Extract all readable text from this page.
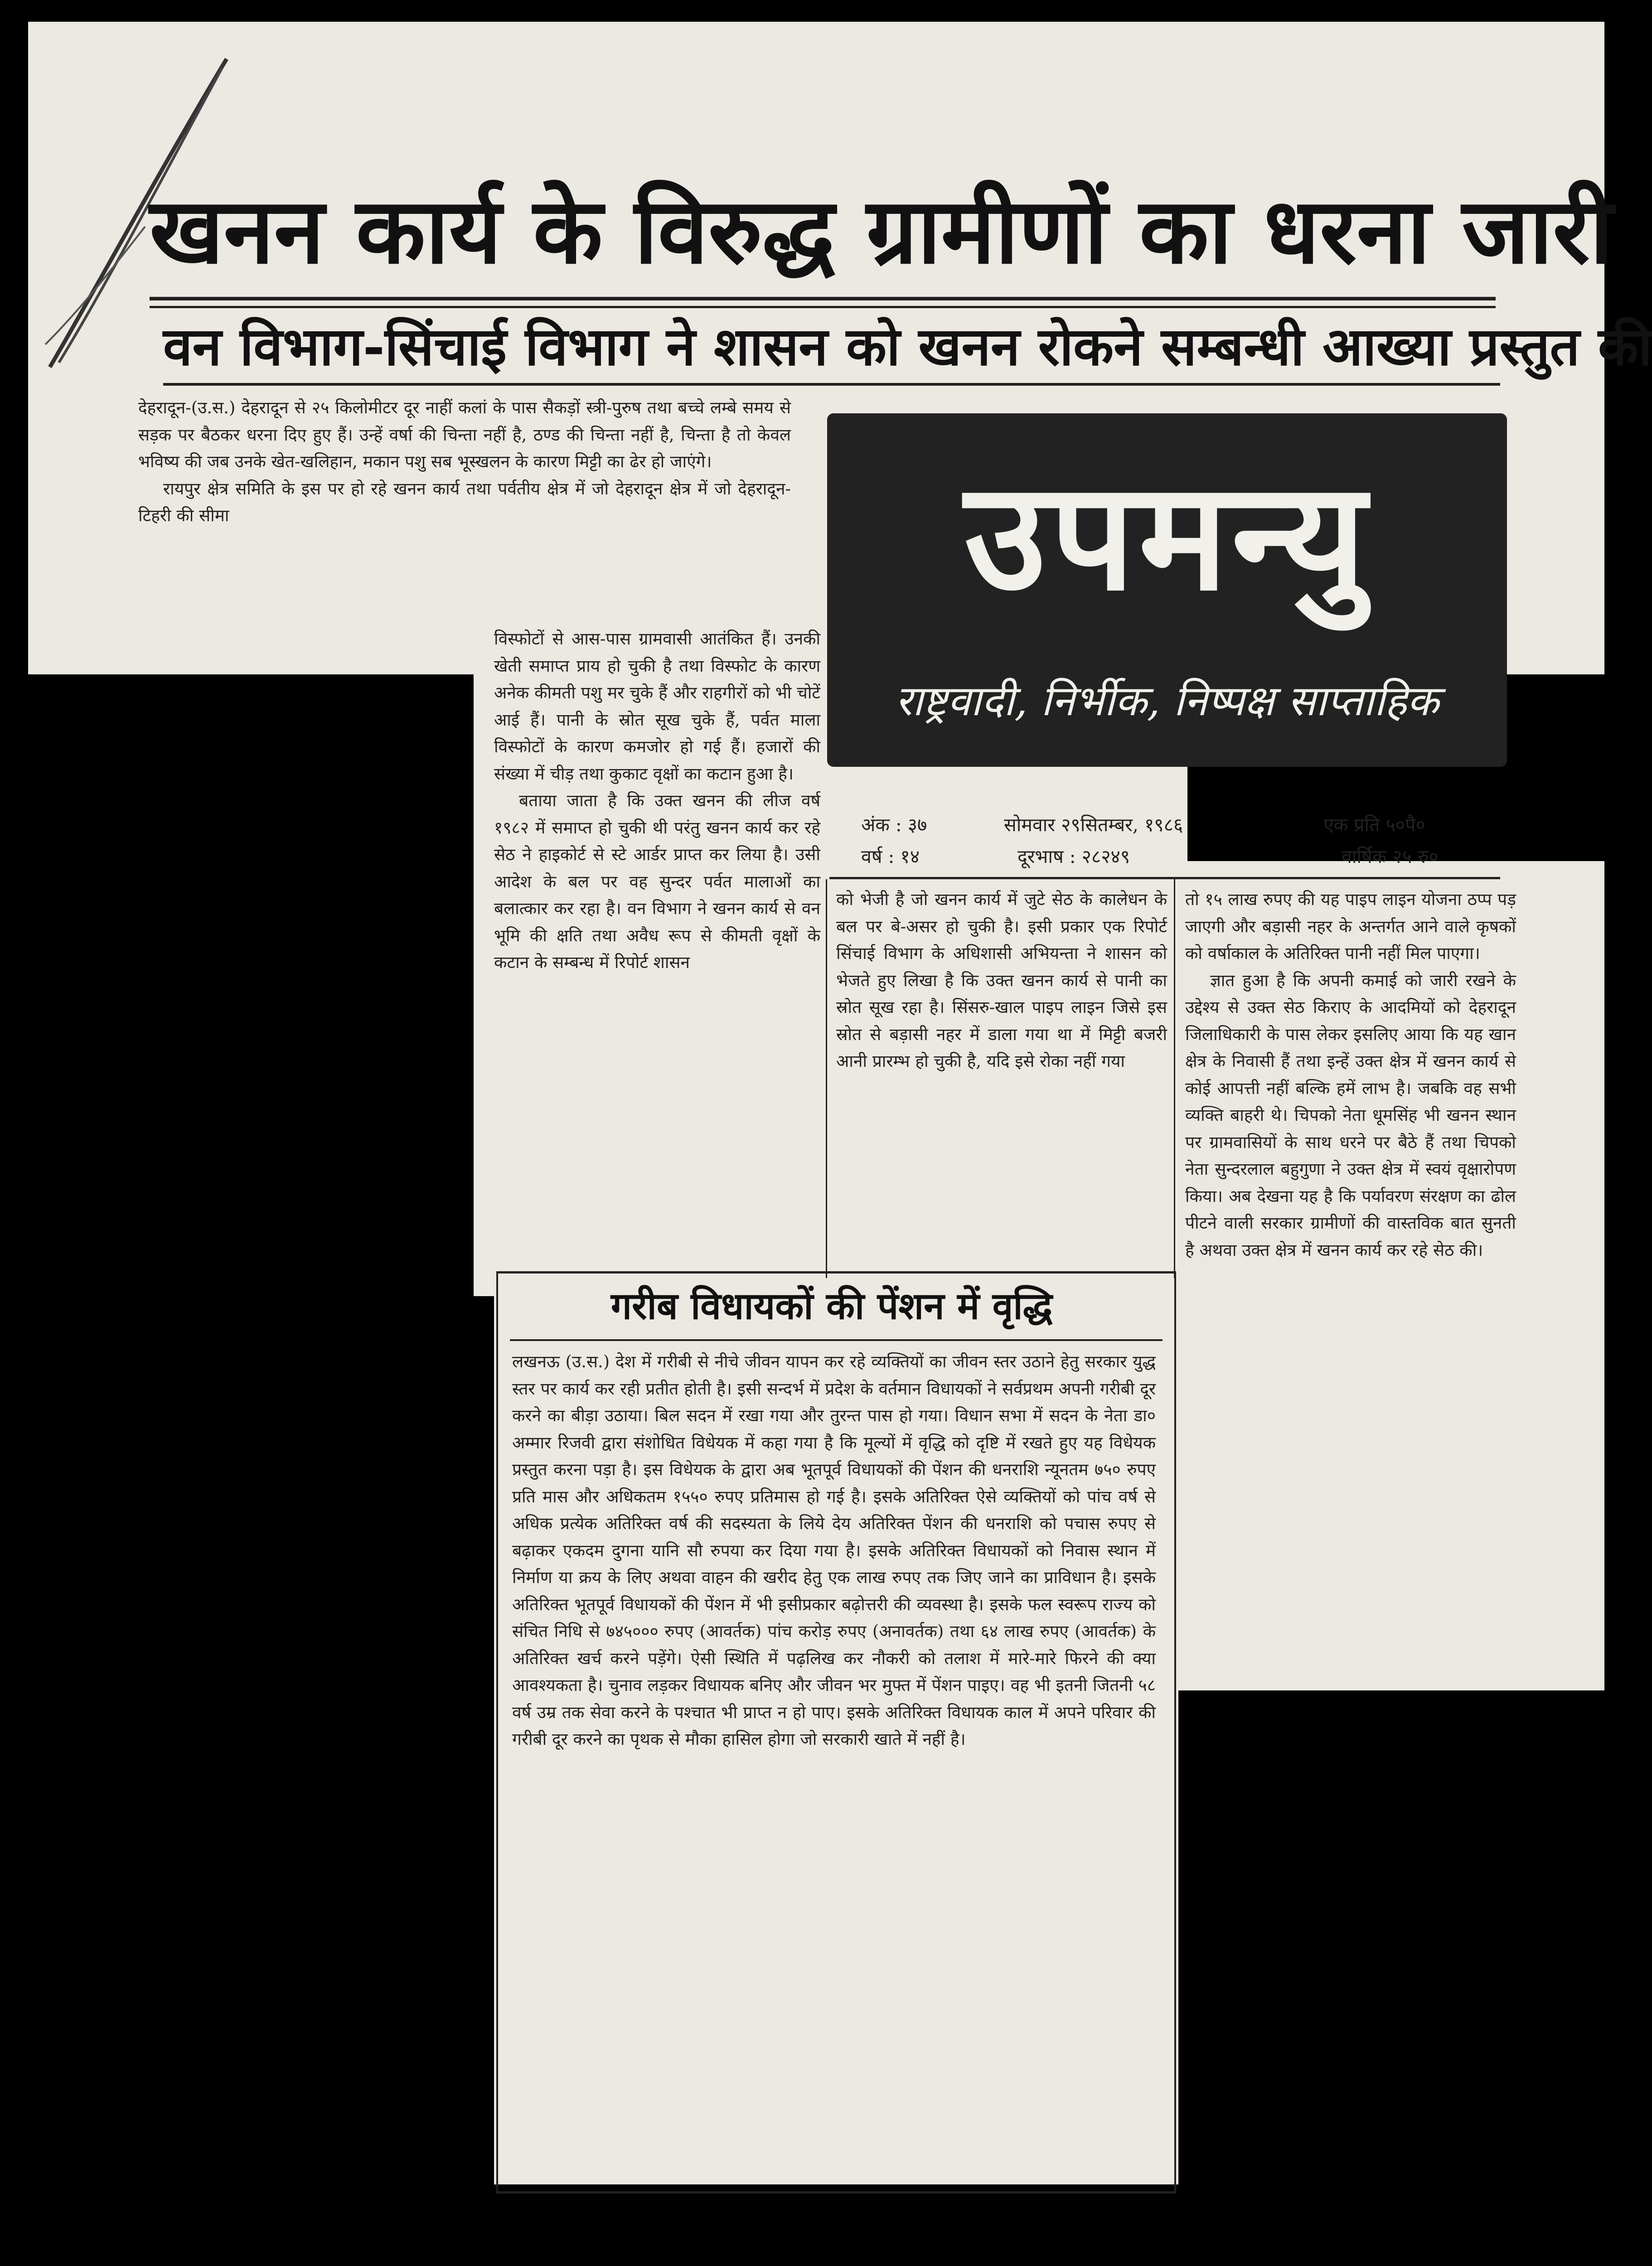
खनन कार्य के विरुद्ध ग्रामीणों का धरना जारी
वन विभाग-सिंचाई विभाग ने शासन को खनन रोकने सम्बन्धी आख्या प्रस्तुत की

देहरादून-(उ.स.) देहरादून से २५ किलोमीटर दूर नाहीं कलां के पास सैकड़ों स्त्री-पुरुष तथा बच्चे लम्बे समय से सड़क पर बैठकर धरना दिए हुए हैं। उन्हें वर्षा की चिन्ता नहीं है, ठण्ड की चिन्ता नहीं है, चिन्ता है तो केवल भविष्य की जब उनके खेत-खलिहान, मकान पशु सब भूस्खलन के कारण मिट्टी का ढेर हो जाएंगे।

रायपुर क्षेत्र समिति के इस पर हो रहे खनन कार्य तथा पर्वतीय क्षेत्र में जो देहरादून क्षेत्र में जो देहरादून-टिहरी की सीमा	उपमन्यु
राष्ट्रवादी, निर्भीक, निष्पक्ष साप्ताहिक
अंक : ३७	सोमवार २९सितम्बर, १९८६	एक प्रति ५०पै०
वर्ष : १४	दूरभाष : २८२४९	वार्षिक २५ रु०

विस्फोटों से आस-पास ग्रामवासी आतंकित हैं। उनकी खेती समाप्त प्राय हो चुकी है तथा विस्फोट के कारण अनेक कीमती पशु मर चुके हैं और राहगीरों को भी चोटें आई हैं। पानी के स्रोत सूख चुके हैं, पर्वत माला विस्फोटों के कारण कमजोर हो गई हैं। हजारों की संख्या में चीड़ तथा कुकाट वृक्षों का कटान हुआ है।

बताया जाता है कि उक्त खनन की लीज वर्ष १९८२ में समाप्त हो चुकी थी परंतु खनन कार्य कर रहे सेठ ने हाइकोर्ट से स्टे आर्डर प्राप्त कर लिया है। उसी आदेश के बल पर वह सुन्दर पर्वत मालाओं का बलात्कार कर रहा है। वन विभाग ने खनन कार्य से वन भूमि की क्षति तथा अवैध रूप से कीमती वृक्षों के कटान के सम्बन्ध में रिपोर्ट शासन

को भेजी है जो खनन कार्य में जुटे सेठ के कालेधन के बल पर बे-असर हो चुकी है। इसी प्रकार एक रिपोर्ट सिंचाई विभाग के अधिशासी अभियन्ता ने शासन को भेजते हुए लिखा है कि उक्त खनन कार्य से पानी का स्रोत सूख रहा है। सिंसरु-खाल पाइप लाइन जिसे इस स्रोत से बड़ासी नहर में डाला गया था में मिट्टी बजरी आनी प्रारम्भ हो चुकी है, यदि इसे रोका नहीं गया

तो १५ लाख रुपए की यह पाइप लाइन योजना ठप्प पड़ जाएगी और बड़ासी नहर के अन्तर्गत आने वाले कृषकों को वर्षाकाल के अतिरिक्त पानी नहीं मिल पाएगा।

ज्ञात हुआ है कि अपनी कमाई को जारी रखने के उद्देश्य से उक्त सेठ किराए के आदमियों को देहरादून जिलाधिकारी के पास लेकर इसलिए आया कि यह खान क्षेत्र के निवासी हैं तथा इन्हें उक्त क्षेत्र में खनन कार्य से कोई आपत्ती नहीं बल्कि हमें लाभ है। जबकि वह सभी व्यक्ति बाहरी थे। चिपको नेता धूमसिंह भी खनन स्थान पर ग्रामवासियों के साथ धरने पर बैठे हैं तथा चिपको नेता सुन्दरलाल बहुगुणा ने उक्त क्षेत्र में स्वयं वृक्षारोपण किया। अब देखना यह है कि पर्यावरण संरक्षण का ढोल पीटने वाली सरकार ग्रामीणों की वास्तविक बात सुनती है अथवा उक्त क्षेत्र में खनन कार्य कर रहे सेठ की।

गरीब विधायकों की पेंशन में वृद्धि

लखनऊ (उ.स.) देश में गरीबी से नीचे जीवन यापन कर रहे व्यक्तियों का जीवन स्तर उठाने हेतु सरकार युद्ध स्तर पर कार्य कर रही प्रतीत होती है। इसी सन्दर्भ में प्रदेश के वर्तमान विधायकों ने सर्वप्रथम अपनी गरीबी दूर करने का बीड़ा उठाया। बिल सदन में रखा गया और तुरन्त पास हो गया। विधान सभा में सदन के नेता डा० अम्मार रिजवी द्वारा संशोधित विधेयक में कहा गया है कि मूल्यों में वृद्धि को दृष्टि में रखते हुए यह विधेयक प्रस्तुत करना पड़ा है। इस विधेयक के द्वारा अब भूतपूर्व विधायकों की पेंशन की धनराशि न्यूनतम ७५० रुपए प्रति मास और अधिकतम १५५० रुपए प्रतिमास हो गई है। इसके अतिरिक्त ऐसे व्यक्तियों को पांच वर्ष से अधिक प्रत्येक अतिरिक्त वर्ष की सदस्यता के लिये देय अतिरिक्त पेंशन की धनराशि को पचास रुपए से बढ़ाकर एकदम दुगना यानि सौ रुपया कर दिया गया है। इसके अतिरिक्त विधायकों को निवास स्थान में निर्माण या क्रय के लिए अथवा वाहन की खरीद हेतु एक लाख रुपए तक जिए जाने का प्राविधान है। इसके अतिरिक्त भूतपूर्व विधायकों की पेंशन में भी इसीप्रकार बढ़ोत्तरी की व्यवस्था है। इसके फल स्वरूप राज्य को संचित निधि से ७४५००० रुपए (आवर्तक) पांच करोड़ रुपए (अनावर्तक) तथा ६४ लाख रुपए (आवर्तक) के अतिरिक्त खर्च करने पड़ेंगे। ऐसी स्थिति में पढ़लिख कर नौकरी को तलाश में मारे-मारे फिरने की क्या आवश्यकता है। चुनाव लड़कर विधायक बनिए और जीवन भर मुफ्त में पेंशन पाइए। वह भी इतनी जितनी ५८ वर्ष उम्र तक सेवा करने के पश्चात भी प्राप्त न हो पाए। इसके अतिरिक्त विधायक काल में अपने परिवार की गरीबी दूर करने का पृथक से मौका हासिल होगा जो सरकारी खाते में नहीं है।
